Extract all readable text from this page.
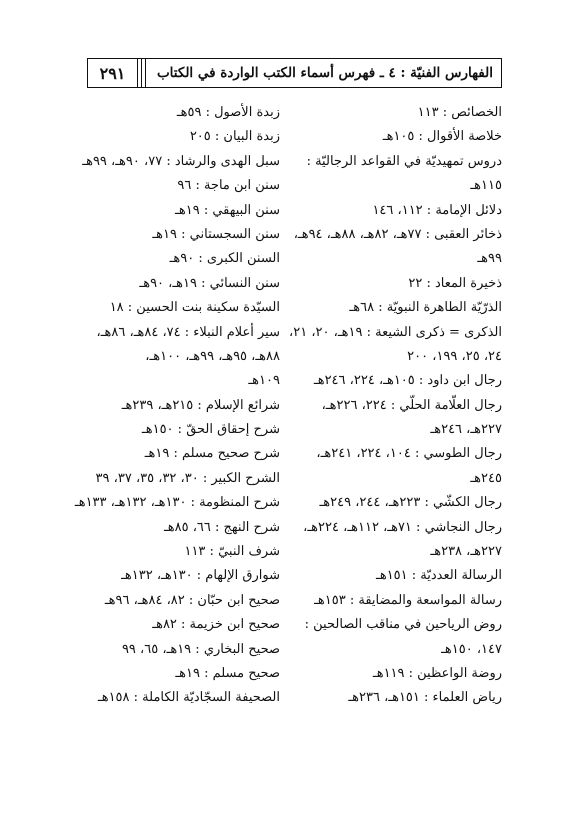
٢٩١	الفهارس الفنيّة : ٤ ـ فهرس أسماء الكتب الواردة في الكتاب
الخصائص : ١١٣
خلاصة الأقوال : ١٠٥هـ
دروس تمهيديّة في القواعد الرجاليّة :
١١٥هـ
دلائل الإمامة : ١١٢، ١٤٦
ذخائر العقبى : ٧٧هـ، ٨٢هـ، ٨٨هـ، ٩٤هـ،
٩٩هـ
ذخيرة المعاد : ٢٢
الذرّيّة الطاهرة النبويّة : ٦٨هـ
الذكرى = ذكرى الشيعة : ١٩هـ، ٢٠، ٢١،
٢٤، ٢٥، ١٩٩، ٢٠٠
رجال ابن داود : ١٠٥هـ، ٢٢٤، ٢٤٦هـ
رجال العلّامة الحلّي : ٢٢٤، ٢٢٦هـ،
٢٢٧هـ، ٢٤٦هـ
رجال الطوسي : ١٠٤، ٢٢٤، ٢٤١هـ،
٢٤٥هـ
رجال الكشّي : ٢٢٣هـ، ٢٤٤، ٢٤٩هـ
رجال النجاشي : ٧١هـ، ١١٢هـ، ٢٢٤هـ،
٢٢٧هـ، ٢٣٨هـ
الرسالة العدديّة : ١٥١هـ
رسالة المواسعة والمضايقة : ١٥٣هـ
روض الرياحين في مناقب الصالحين :
١٤٧، ١٥٠هـ
روضة الواعظين : ١١٩هـ
رياض العلماء : ١٥١هـ، ٢٣٦هـ
زبدة الأصول : ٥٩هـ
زبدة البيان : ٢٠٥
سبل الهدى والرشاد : ٧٧، ٩٠هـ، ٩٩هـ
سنن ابن ماجة : ٩٦
سنن البيهقي : ١٩هـ
سنن السجستاني : ١٩هـ
السنن الكبرى : ٩٠هـ
سنن النسائي : ١٩هـ، ٩٠هـ
السيّدة سكينة بنت الحسين : ١٨
سير أعلام النبلاء : ٧٤، ٨٤هـ، ٨٦هـ،
٨٨هـ، ٩٥هـ، ٩٩هـ، ١٠٠هـ،
١٠٩هـ
شرائع الإسلام : ٢١٥هـ، ٢٣٩هـ
شرح إحقاق الحقّ : ١٥٠هـ
شرح صحيح مسلم : ١٩هـ
الشرح الكبير : ٣٠، ٣٢، ٣٥، ٣٧، ٣٩
شرح المنظومة : ١٣٠هـ، ١٣٢هـ، ١٣٣هـ
شرح النهج : ٦٦، ٨٥هـ
شرف النبيّ : ١١٣
شوارق الإلهام : ١٣٠هـ، ١٣٢هـ
صحيح ابن حبّان : ٨٢، ٨٤هـ، ٩٦هـ
صحيح ابن خزيمة : ٨٢هـ
صحيح البخاري : ١٩هـ، ٦٥، ٩٩
صحيح مسلم : ١٩هـ
الصحيفة السجّاديّة الكاملة : ١٥٨هـ
